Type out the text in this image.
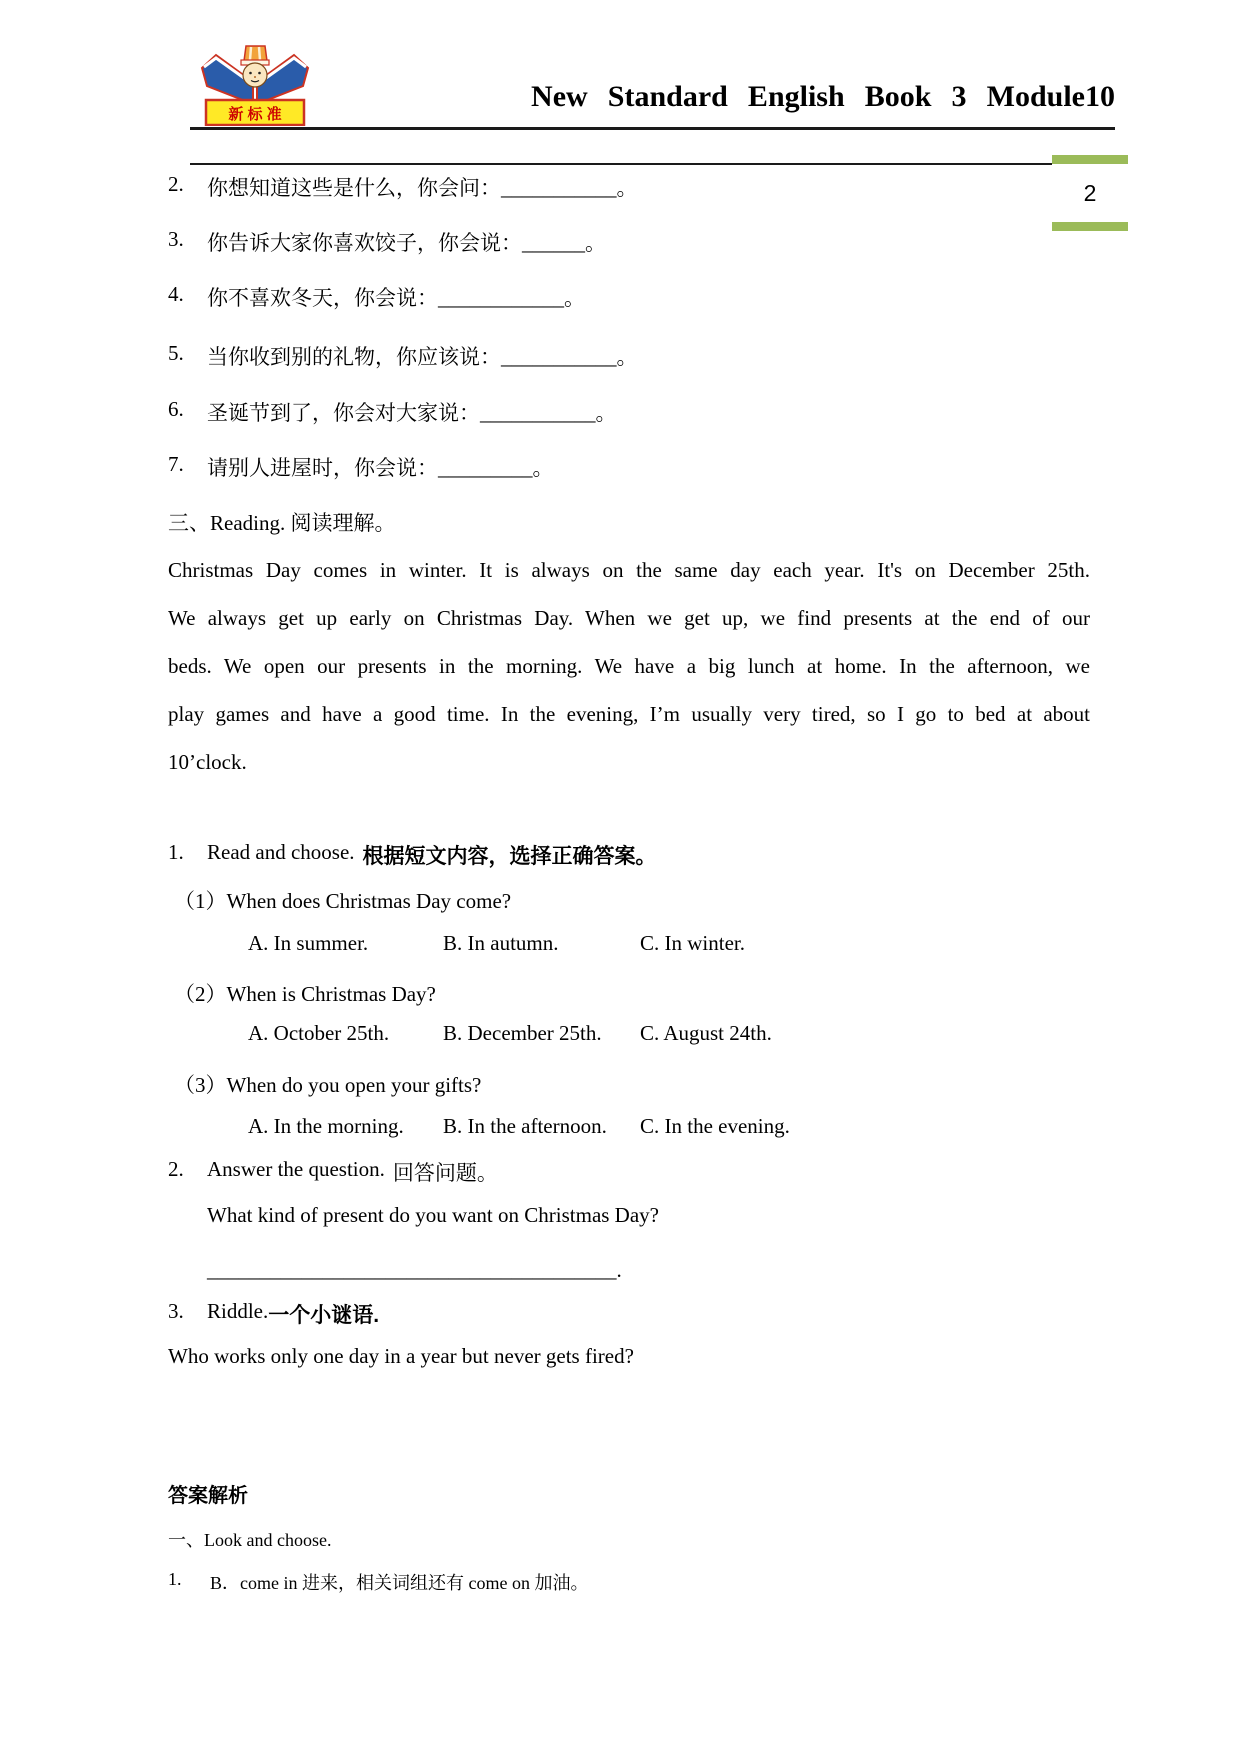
新 标 准
New Standard English Book 3 Module10
2
2.	你想知道这些是什么，你会问：___________。
3.	你告诉大家你喜欢饺子，你会说：______。
4.	你不喜欢冬天，你会说：____________。
5.	当你收到别的礼物，你应该说：___________。
6.	圣诞节到了，你会对大家说：___________。
7.	请别人进屋时，你会说：_________。
三、Reading. 阅读理解。
Christmas Day comes in winter. It is always on the same day each year. It's on December 25th.
We always get up early on Christmas Day. When we get up, we find presents at the end of our
beds. We open our presents in the morning. We have a big lunch at home. In the afternoon, we
play games and have a good time. In the evening, I’m usually very tired, so I go to bed at about
10’clock.
1.	Read and choose. 根据短文内容，选择正确答案。
（1）When does Christmas Day come?
A. In summer.	B. In autumn.	C. In winter.
（2）When is Christmas Day?
A. October 25th.	B. December 25th. C. August 24th.
（3）When do you open your gifts?
A. In the morning. B. In the afternoon. C. In the evening.
2.	Answer the question. 回答问题。
What kind of present do you want on Christmas Day?
_______________________________________.
3.	Riddle. 一个小谜语.
Who works only one day in a year but never gets fired?
答案解析
一、Look and choose.
1.	B．come in 进来，相关词组还有 come on 加油。
